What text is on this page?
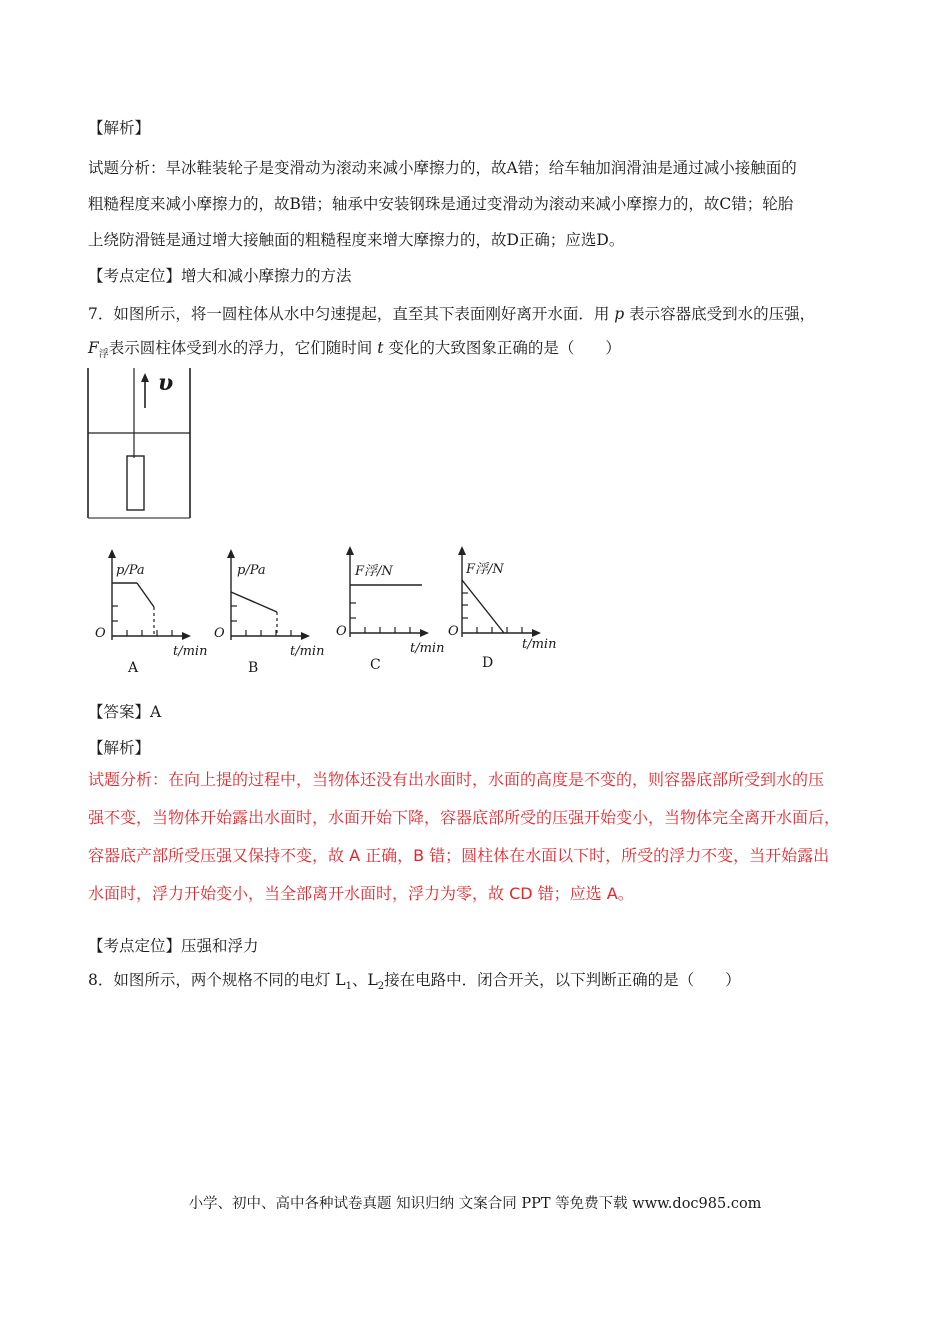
【解析】
试题分析：旱冰鞋装轮子是变滑动为滚动来减小摩擦力的，故A错；给车轴加润滑油是通过减小接触面的
粗糙程度来减小摩擦力的，故B错；轴承中安装钢珠是通过变滑动为滚动来减小摩擦力的，故C错；轮胎
上绕防滑链是通过增大接触面的粗糙程度来增大摩擦力的，故D正确；应选D。
【考点定位】增大和减小摩擦力的方法
7．如图所示，将一圆柱体从水中匀速提起，直至其下表面刚好离开水面．用 p 表示容器底受到水的压强，
$F_浮$表示圆柱体受到水的浮力，它们随时间 t 变化的大致图象正确的是（　　）
υ
p/Pa
O
t/min
A
p/Pa
O
t/min
B
F浮/N
O
t/min
C
F浮/N
O
t/min
D
【答案】A
【解析】
试题分析：在向上提的过程中，当物体还没有出水面时，水面的高度是不变的，则容器底部所受到水的压
强不变，当物体开始露出水面时，水面开始下降，容器底部所受的压强开始变小，当物体完全离开水面后，
容器底产部所受压强又保持不变，故 A 正确，B 错；圆柱体在水面以下时，所受的浮力不变，当开始露出
水面时，浮力开始变小，当全部离开水面时，浮力为零，故 CD 错；应选 A。
【考点定位】压强和浮力
8．如图所示，两个规格不同的电灯 $L_1$、$L_2$接在电路中．闭合开关，以下判断正确的是（　　）
小学、初中、高中各种试卷真题 知识归纳 文案合同 PPT 等免费下载 www.doc985.com
